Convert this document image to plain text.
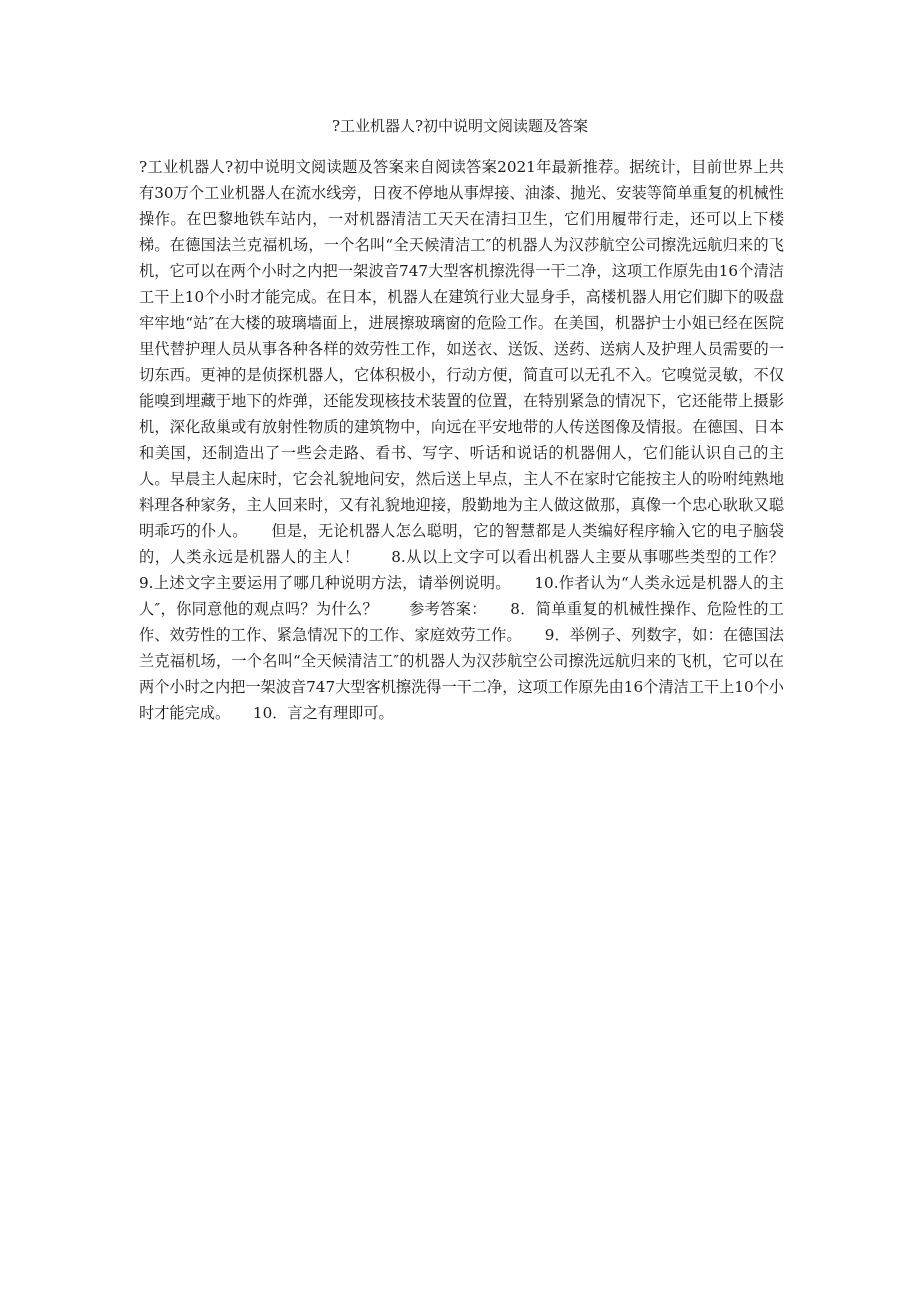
?工业机器人?初中说明文阅读题及答案

?工业机器人?初中说明文阅读题及答案来自阅读答案2021年最新推荐。据统计，目前世界上共有30万个工业机器人在流水线旁，日夜不停地从事焊接、油漆、抛光、安装等简单重复的机械性操作。在巴黎地铁车站内，一对机器清洁工天天在清扫卫生，它们用履带行走，还可以上下楼梯。在德国法兰克福机场，一个名叫“全天候清洁工″的机器人为汉莎航空公司擦洗远航归来的飞机，它可以在两个小时之内把一架波音747大型客机擦洗得一干二净，这项工作原先由16个清洁工干上10个小时才能完成。在日本，机器人在建筑行业大显身手，高楼机器人用它们脚下的吸盘牢牢地“站″在大楼的玻璃墙面上，进展擦玻璃窗的危险工作。在美国，机器护士小姐已经在医院里代替护理人员从事各种各样的效劳性工作，如送衣、送饭、送药、送病人及护理人员需要的一切东西。更神的是侦探机器人，它体积极小，行动方便，简直可以无孔不入。它嗅觉灵敏，不仅能嗅到埋藏于地下的炸弹，还能发现核技术装置的位置，在特别紧急的情况下，它还能带上摄影机，深化敌巢或有放射性物质的建筑物中，向远在平安地带的人传送图像及情报。在德国、日本和美国，还制造出了一些会走路、看书、写字、听话和说话的机器佣人，它们能认识自己的主人。早晨主人起床时，它会礼貌地问安，然后送上早点，主人不在家时它能按主人的吩咐纯熟地料理各种家务，主人回来时，又有礼貌地迎接，殷勤地为主人做这做那，真像一个忠心耿耿又聪明乖巧的仆人。　　但是，无论机器人怎么聪明，它的智慧都是人类编好程序输入它的电子脑袋的，人类永远是机器人的主人！　　8.从以上文字可以看出机器人主要从事哪些类型的工作？　　9.上述文字主要运用了哪几种说明方法，请举例说明。　　10.作者认为“人类永远是机器人的主人″，你同意他的观点吗？为什么？　　参考答案：　　8．简单重复的机械性操作、危险性的工作、效劳性的工作、紧急情况下的工作、家庭效劳工作。　　9．举例子、列数字，如：在德国法兰克福机场，一个名叫“全天候清洁工″的机器人为汉莎航空公司擦洗远航归来的飞机，它可以在两个小时之内把一架波音747大型客机擦洗得一干二净，这项工作原先由16个清洁工干上10个小时才能完成。　　10．言之有理即可。
